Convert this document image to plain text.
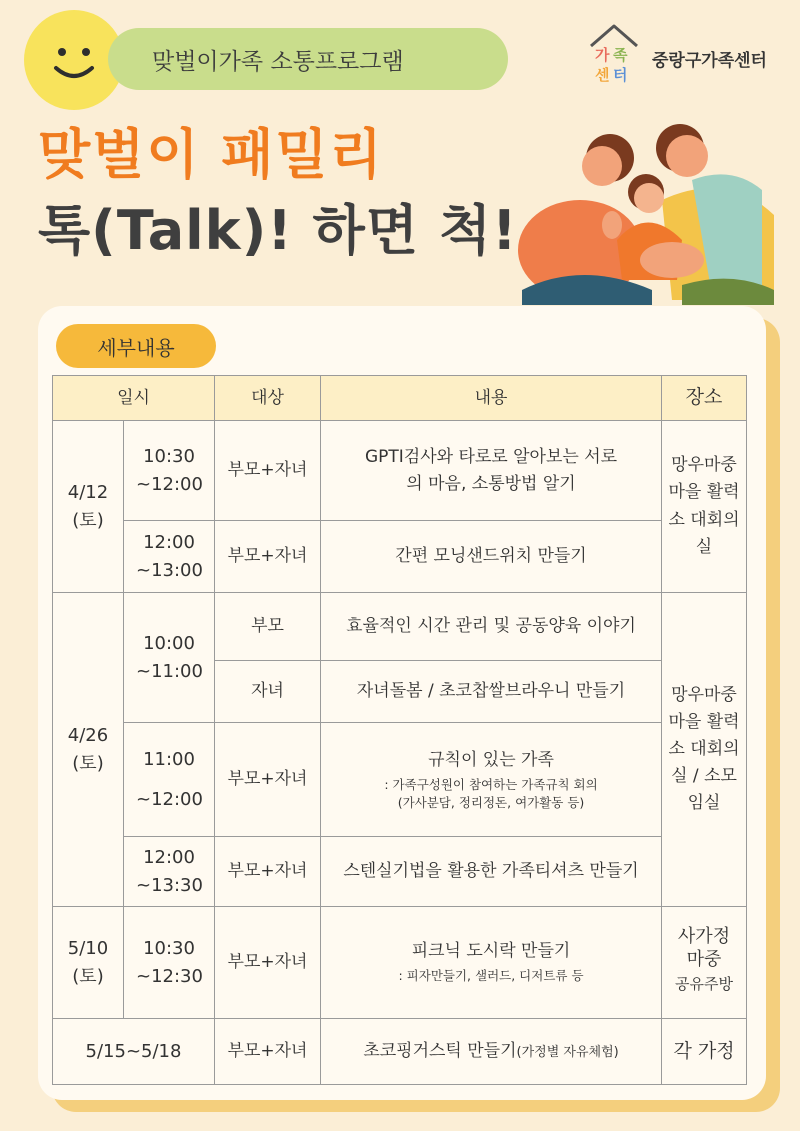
맞벌이가족 소통프로그램	가 족
센 터
중랑구가족센터
맞벌이 패밀리
톡(Talk)! 하면 척!
세부내용
일시		대상	내용	장소
4/12 (토)	10:30 ~12:00	부모+자녀	GPTI검사와 타로로 알아보는 서로의 마음, 소통방법 알기	망우마중 마을 활력소 대회의실
	12:00 ~13:00	부모+자녀	간편 모닝샌드위치 만들기	
4/26 (토)	10:00 ~11:00	부모	효율적인 시간 관리 및 공동양육 이야기	망우마중 마을 활력소 대회의실 / 소모임실
		자녀	자녀돌봄 / 초코찹쌀브라우니 만들기	
	11:00 ~12:00	부모+자녀	규칙이 있는 가족
: 가족구성원이 참여하는 가족규칙 회의
(가사분담, 정리정돈, 여가활동 등)	

	12:00 ~13:30	부모+자녀	스텐실기법을 활용한 가족티셔츠 만들기	
5/10 (토)	10:30 ~12:30	부모+자녀	피크닉 도시락 만들기
: 피자만들기, 샐러드, 디저트류 등	사가정 마중
공유주방
5/15~5/18		부모+자녀	초코핑거스틱 만들기(가정별 자유체험)	각 가정
